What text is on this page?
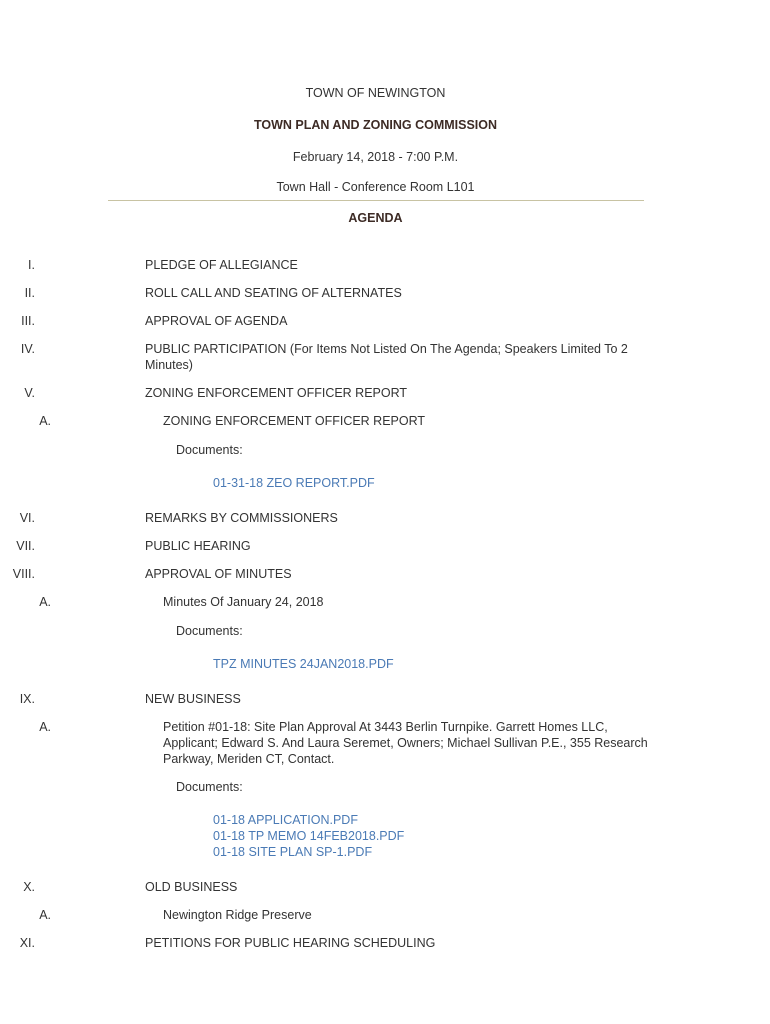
TOWN OF NEWINGTON
TOWN PLAN AND ZONING COMMISSION
February 14, 2018 - 7:00 P.M.
Town Hall - Conference Room L101
AGENDA
I.	PLEDGE OF ALLEGIANCE
II.	ROLL CALL AND SEATING OF ALTERNATES
III.	APPROVAL OF AGENDA
IV.	PUBLIC PARTICIPATION (For Items Not Listed On The Agenda; Speakers Limited To 2 Minutes)
V.	ZONING ENFORCEMENT OFFICER REPORT
A.	ZONING ENFORCEMENT OFFICER REPORT
Documents:
01-31-18 ZEO REPORT.PDF
VI.	REMARKS BY COMMISSIONERS
VII.	PUBLIC HEARING
VIII.	APPROVAL OF MINUTES
A.	Minutes Of January 24, 2018
Documents:
TPZ MINUTES 24JAN2018.PDF
IX.	NEW BUSINESS
A.	Petition #01-18: Site Plan Approval At 3443 Berlin Turnpike. Garrett Homes LLC, Applicant; Edward S. And Laura Seremet, Owners; Michael Sullivan P.E., 355 Research Parkway, Meriden CT, Contact.
Documents:
01-18 APPLICATION.PDF
01-18 TP MEMO 14FEB2018.PDF
01-18 SITE PLAN SP-1.PDF
X.	OLD BUSINESS
A.	Newington Ridge Preserve
XI.	PETITIONS FOR PUBLIC HEARING SCHEDULING
